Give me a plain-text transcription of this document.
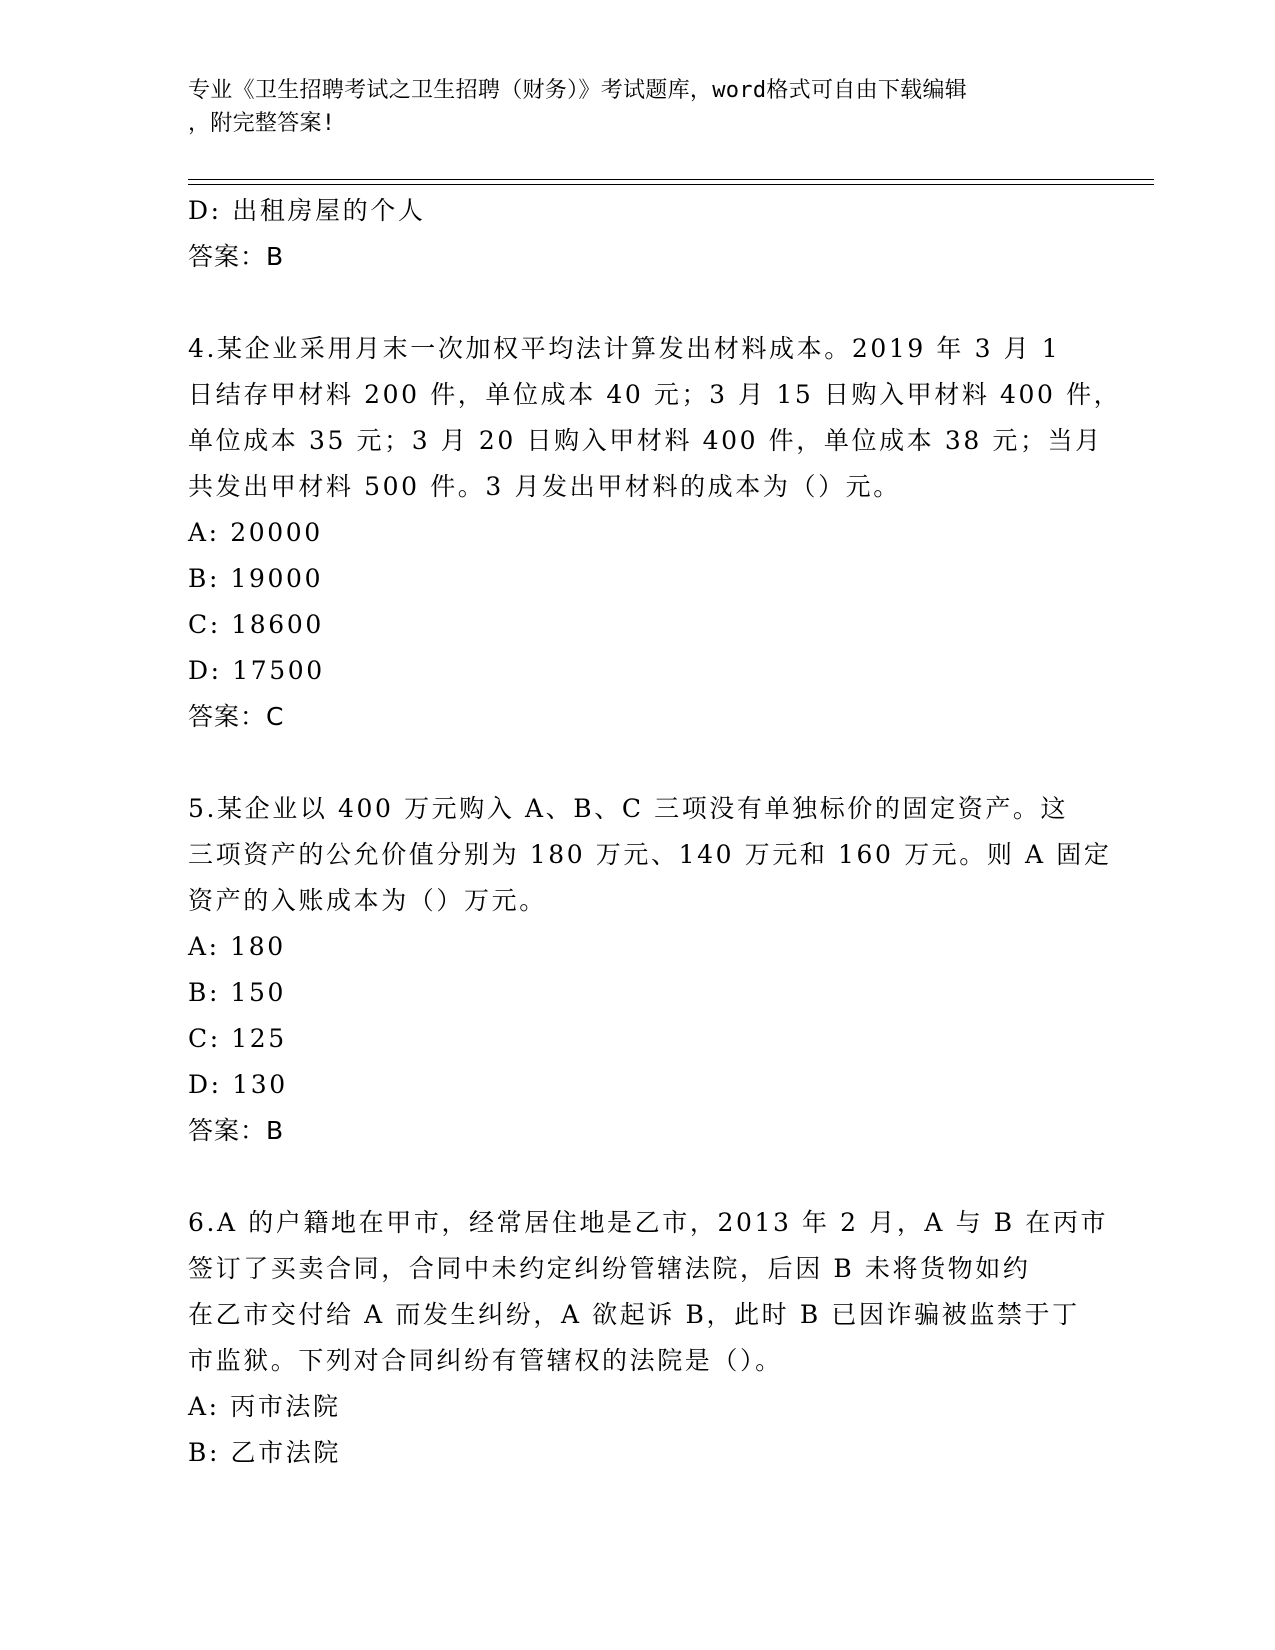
专业《卫生招聘考试之卫生招聘（财务）》考试题库，word格式可自由下载编辑
，附完整答案!
D: 出租房屋的个人
答案：B
4.某企业采用月末一次加权平均法计算发出材料成本。2019 年 3 月 1
日结存甲材料 200 件，单位成本 40 元；3 月 15 日购入甲材料 400 件，
单位成本 35 元；3 月 20 日购入甲材料 400 件，单位成本 38 元；当月
共发出甲材料 500 件。3 月发出甲材料的成本为（）元。
A: 20000
B: 19000
C: 18600
D: 17500
答案：C
5.某企业以 400 万元购入 A、B、C 三项没有单独标价的固定资产。这
三项资产的公允价值分别为 180 万元、140 万元和 160 万元。则 A 固定
资产的入账成本为（）万元。
A: 180
B: 150
C: 125
D: 130
答案：B
6.A 的户籍地在甲市，经常居住地是乙市，2013 年 2 月，A 与 B 在丙市
签订了买卖合同，合同中未约定纠纷管辖法院，后因 B 未将货物如约
在乙市交付给 A 而发生纠纷，A 欲起诉 B，此时 B 已因诈骗被监禁于丁
市监狱。下列对合同纠纷有管辖权的法院是（）。
A: 丙市法院
B: 乙市法院
